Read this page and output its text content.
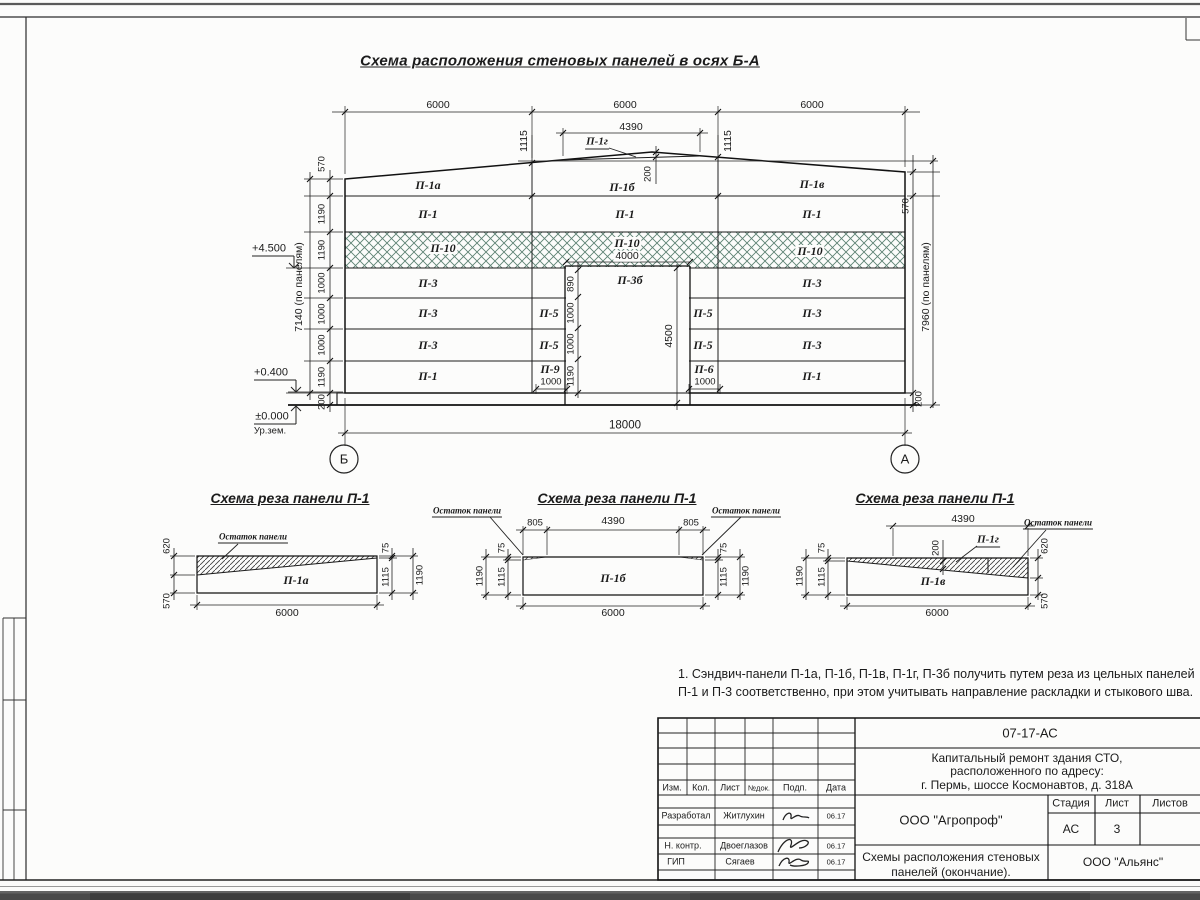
Схема расположения стеновых панелей в осях Б-А
6000	6000	6000
4390
1115	1115
200
П-1г
П-1а	П-1б	П-1в
П-1	П-1	П-1
П-10	П-10
П-10
4000
П-3	П-3б	П-3
П-3	П-5	П-5	П-3
П-3	П-5	П-5	П-3
П-1	П-9	П-6	П-1
1000	1000
890
1000
1000
1190
4500
570
1190
1190
1000
1000
1000
1190
200
7140 (по панелям)
570
7960 (по панелям)
200
+4.500
+0.400
±0.000
Ур.зем.	18000
Б	А
Схема реза панели П-1
Остаток панели
П-1а
620
570
75
1115 1190
6000
Схема реза панели П-1
Остаток панели	Остаток панели
П-1б
805	4390	805
75
1115
1190
75
1115 1190
6000
Схема реза панели П-1
4390
200
П-1г
Остаток панели
П-1в
75
1115
1190
620
570
6000
1. Сэндвич-панели П-1а, П-1б, П-1в, П-1г, П-3б получить путем реза из цельных панелей
П-1 и П-3 соответственно, при этом учитывать направление раскладки и стыкового шва.
07-17-АС
Капитальный ремонт здания СТО,
расположенного по адресу:
г. Пермь, шоссе Космонавтов, д. 318А
Изм. Кол. Лист №док. Подп. Дата
Разработал Житлухин	06.17
Н. контр. Двоеглазов	06.17
ГИП	Сягаев	06.17
ООО "Агропроф"
Стадия Лист Листов
АС	3
Схемы расположения стеновых
панелей (окончание).
ООО "Альянс"
